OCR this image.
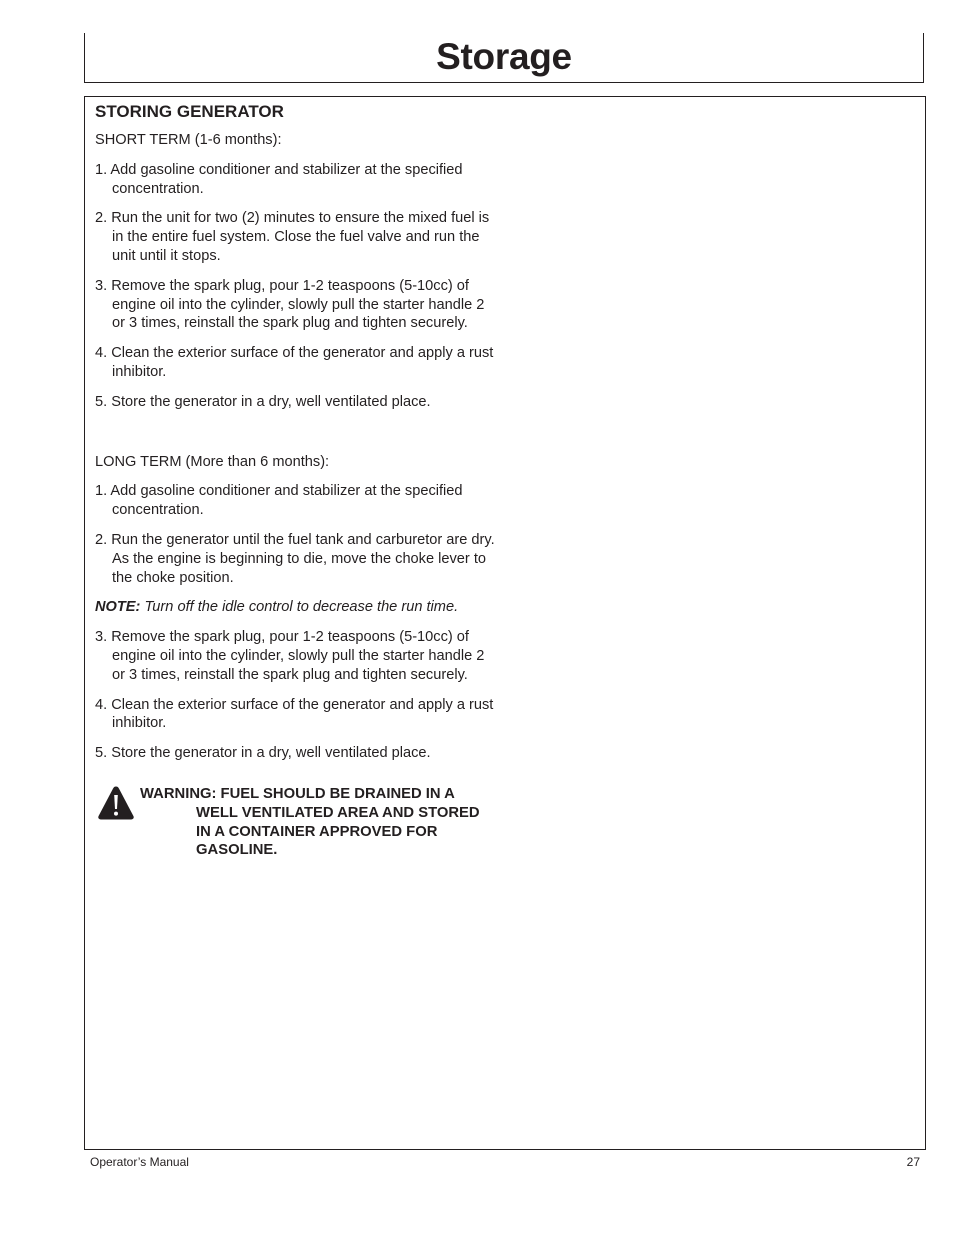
Storage
STORING GENERATOR
SHORT TERM (1-6 months):
1. Add gasoline conditioner and stabilizer at the specified concentration.
2. Run the unit for two (2) minutes to ensure the mixed fuel is in the entire fuel system. Close the fuel valve and run the unit until it stops.
3. Remove the spark plug, pour 1-2 teaspoons (5-10cc) of engine oil into the cylinder, slowly pull the starter handle 2 or 3 times, reinstall the spark plug and tighten securely.
4. Clean the exterior surface of the generator and apply a rust inhibitor.
5. Store the generator in a dry, well ventilated place.
LONG TERM (More than 6 months):
1. Add gasoline conditioner and stabilizer at the specified concentration.
2. Run the generator until the fuel tank and carburetor are dry. As the engine is beginning to die, move the choke lever to the choke position.
NOTE: Turn off the idle control to decrease the run time.
3. Remove the spark plug, pour 1-2 teaspoons (5-10cc) of engine oil into the cylinder, slowly pull the starter handle 2 or 3 times, reinstall the spark plug and tighten securely.
4. Clean the exterior surface of the generator and apply a rust inhibitor.
5. Store the generator in a dry, well ventilated place.
WARNING: FUEL SHOULD BE DRAINED IN A
WELL VENTILATED AREA AND STORED
IN A CONTAINER APPROVED FOR
GASOLINE.
Operator’s Manual	27
